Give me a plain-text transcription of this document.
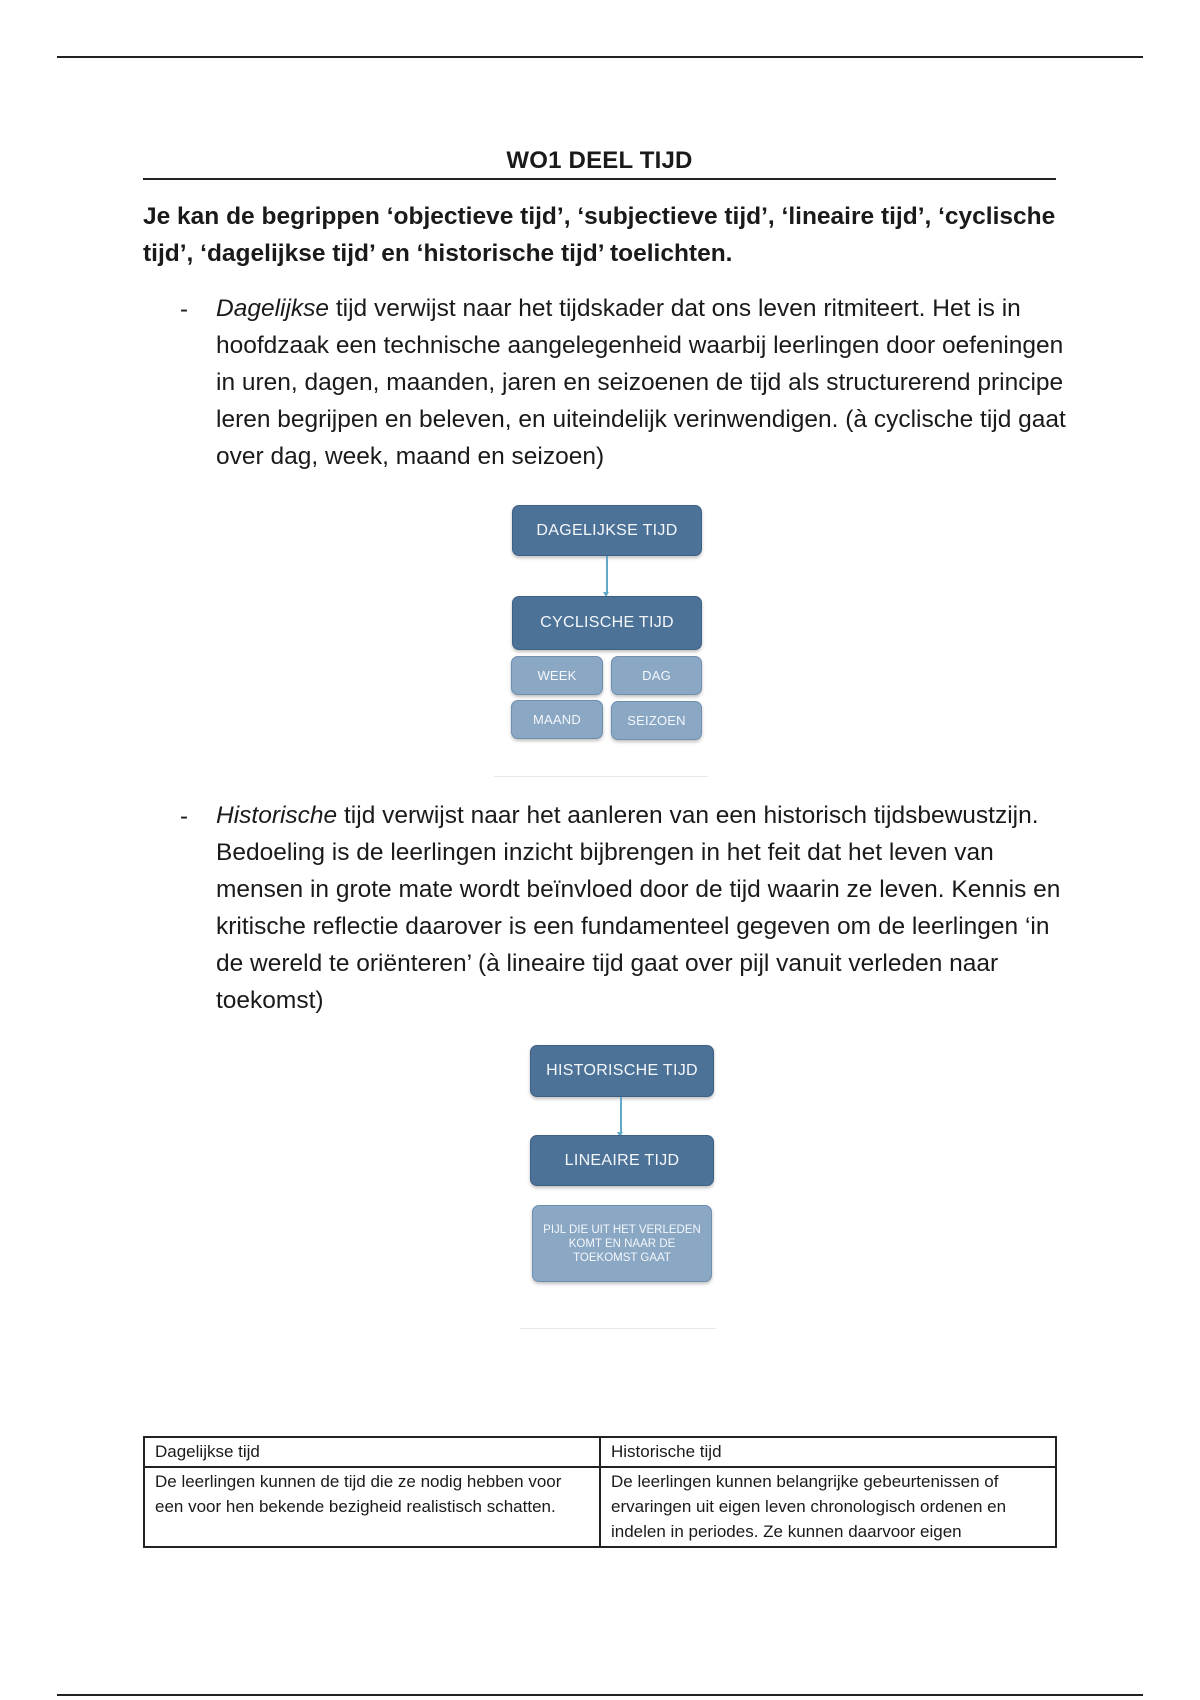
WO1 DEEL TIJD
Je kan de begrippen ‘objectieve tijd’, ‘subjectieve tijd’, ‘lineaire tijd’, ‘cyclische tijd’, ‘dagelijkse tijd’ en ‘historische tijd’ toelichten.
- Dagelijkse tijd verwijst naar het tijdskader dat ons leven ritmiteert. Het is in hoofdzaak een technische aangelegenheid waarbij leerlingen door oefeningen in uren, dagen, maanden, jaren en seizoenen de tijd als structurerend principe leren begrijpen en beleven, en uiteindelijk verinwendigen. (à cyclische tijd gaat over dag, week, maand en seizoen)
DAGELIJKSE TIJD
CYCLISCHE TIJD
WEEK	DAG
MAAND	SEIZOEN
- Historische tijd verwijst naar het aanleren van een historisch tijdsbewustzijn. Bedoeling is de leerlingen inzicht bijbrengen in het feit dat het leven van mensen in grote mate wordt beïnvloed door de tijd waarin ze leven. Kennis en kritische reflectie daarover is een fundamenteel gegeven om de leerlingen ‘in de wereld te oriënteren’ (à lineaire tijd gaat over pijl vanuit verleden naar toekomst)
HISTORISCHE TIJD
LINEAIRE TIJD
PIJL DIE UIT HET VERLEDEN KOMT EN NAAR DE TOEKOMST GAAT
Dagelijkse tijd	Historische tijd
De leerlingen kunnen de tijd die ze nodig hebben voor een voor hen bekende bezigheid realistisch schatten.	De leerlingen kunnen belangrijke gebeurtenissen of ervaringen uit eigen leven chronologisch ordenen en indelen in periodes. Ze kunnen daarvoor eigen
